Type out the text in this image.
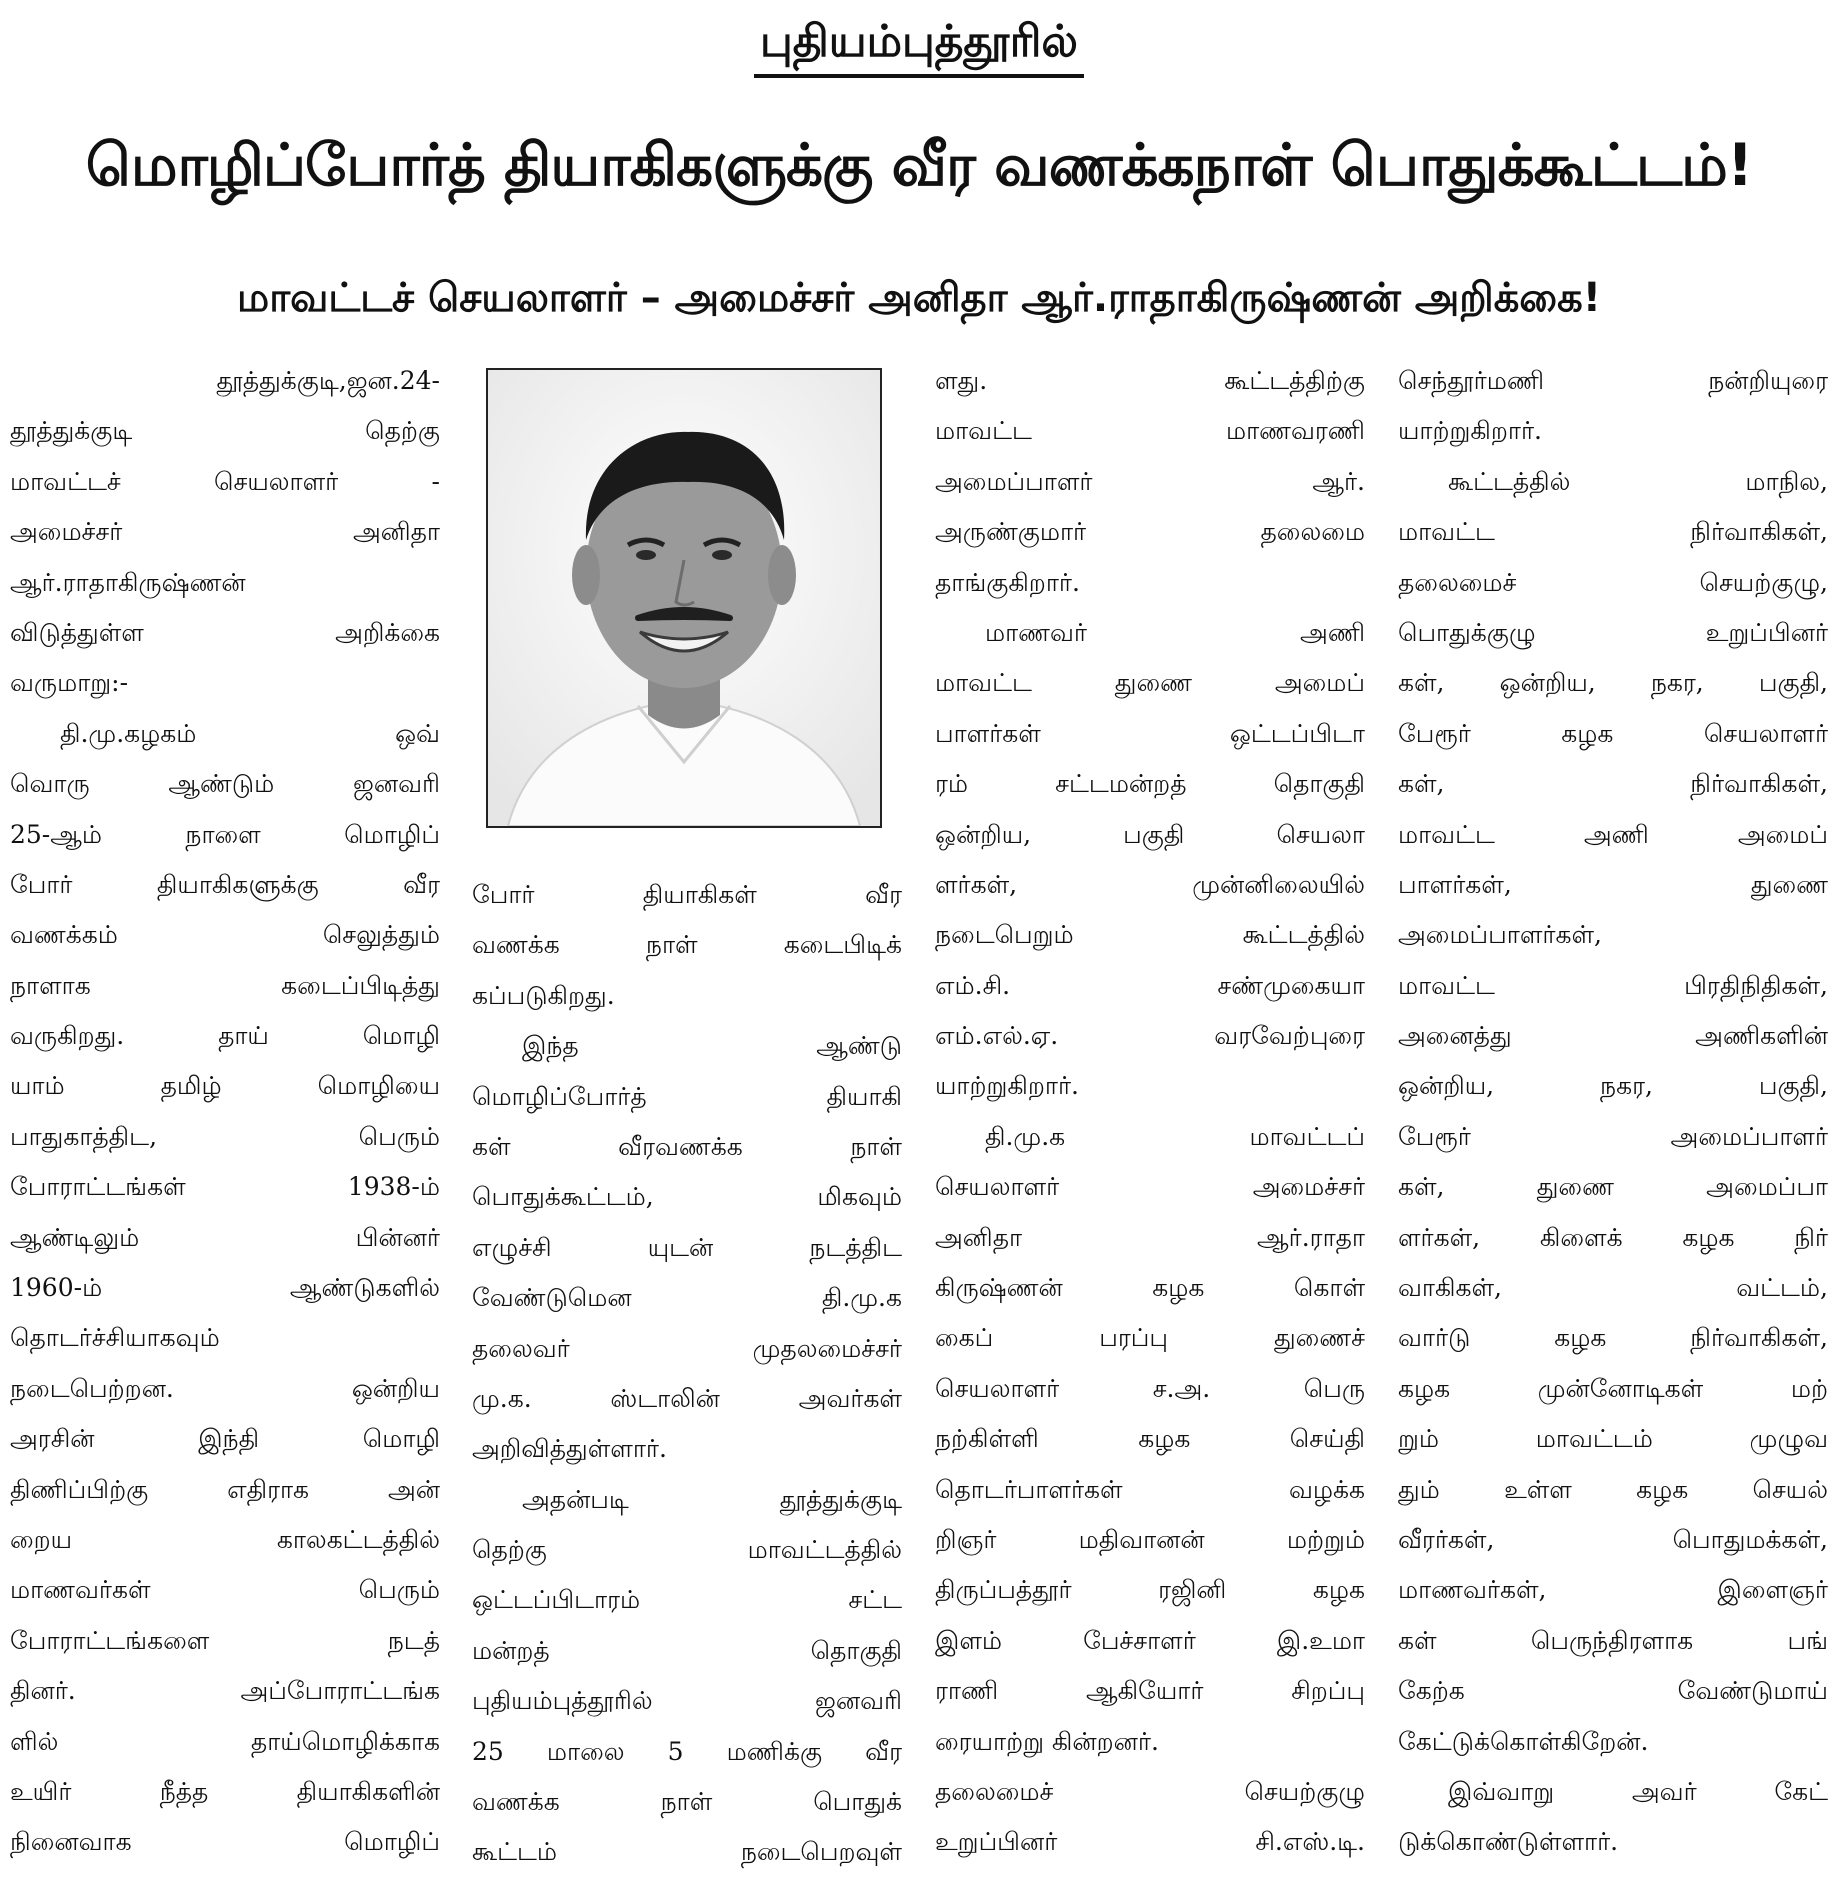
புதியம்புத்தூரில்
மொழிப்போர்த் தியாகிகளுக்கு வீர வணக்கநாள் பொதுக்கூட்டம்!
மாவட்டச் செயலாளர் – அமைச்சர் அனிதா ஆர்.ராதாகிருஷ்ணன் அறிக்கை!
தூத்துக்குடி,ஜன.24-
தூத்துக்குடி தெற்கு
மாவட்டச் செயலாளர் -
அமைச்சர் அனிதா
ஆர்.ராதாகிருஷ்ணன்
விடுத்துள்ள அறிக்கை
வருமாறு:-
தி.மு.கழகம் ஒவ்
வொரு ஆண்டும் ஜனவரி
25-ஆம் நாளை மொழிப்
போர் தியாகிகளுக்கு வீர
வணக்கம் செலுத்தும்
நாளாக கடைப்பிடித்து
வருகிறது. தாய் மொழி
யாம் தமிழ் மொழியை
பாதுகாத்திட, பெரும்
போராட்டங்கள் 1938-ம்
ஆண்டிலும் பின்னர்
1960-ம் ஆண்டுகளில்
தொடர்ச்சியாகவும்
நடைபெற்றன. ஒன்றிய
அரசின் இந்தி மொழி
திணிப்பிற்கு எதிராக அன்
றைய காலகட்டத்தில்
மாணவர்கள் பெரும்
போராட்டங்களை நடத்
தினர். அப்போராட்டங்க
ளில் தாய்மொழிக்காக
உயிர் நீத்த தியாகிகளின்
நினைவாக மொழிப்
போர் தியாகிகள் வீர
வணக்க நாள் கடைபிடிக்
கப்படுகிறது.
இந்த ஆண்டு
மொழிப்போர்த் தியாகி
கள் வீரவணக்க நாள்
பொதுக்கூட்டம், மிகவும்
எழுச்சி யுடன் நடத்திட
வேண்டுமென தி.மு.க
தலைவர் முதலமைச்சர்
மு.க. ஸ்டாலின் அவர்கள்
அறிவித்துள்ளார்.
அதன்படி தூத்துக்குடி
தெற்கு மாவட்டத்தில்
ஒட்டப்பிடாரம் சட்ட
மன்றத் தொகுதி
புதியம்புத்தூரில் ஜனவரி
25 மாலை 5 மணிக்கு வீர
வணக்க நாள் பொதுக்
கூட்டம் நடைபெறவுள்
ளது. கூட்டத்திற்கு
மாவட்ட மாணவரணி
அமைப்பாளர் ஆர்.
அருண்குமார் தலைமை
தாங்குகிறார்.
மாணவர் அணி
மாவட்ட துணை அமைப்
பாளர்கள் ஒட்டப்பிடா
ரம் சட்டமன்றத் தொகுதி
ஒன்றிய, பகுதி செயலா
ளர்கள், முன்னிலையில்
நடைபெறும் கூட்டத்தில்
எம்.சி. சண்முகையா
எம்.எல்.ஏ. வரவேற்புரை
யாற்றுகிறார்.
தி.மு.க மாவட்டப்
செயலாளர் அமைச்சர்
அனிதா ஆர்.ராதா
கிருஷ்ணன் கழக கொள்
கைப் பரப்பு துணைச்
செயலாளர் ச.அ. பெரு
நற்கிள்ளி கழக செய்தி
தொடர்பாளர்கள் வழக்க
றிஞர் மதிவானன் மற்றும்
திருப்பத்தூர் ரஜினி கழக
இளம் பேச்சாளர் இ.உமா
ராணி ஆகியோர் சிறப்பு
ரையாற்று கின்றனர்.
தலைமைச் செயற்குழு
உறுப்பினர் சி.எஸ்.டி.
செந்தூர்மணி நன்றியுரை
யாற்றுகிறார்.
கூட்டத்தில் மாநில,
மாவட்ட நிர்வாகிகள்,
தலைமைச் செயற்குழு,
பொதுக்குழு உறுப்பினர்
கள், ஒன்றிய, நகர, பகுதி,
பேரூர் கழக செயலாளர்
கள், நிர்வாகிகள்,
மாவட்ட அணி அமைப்
பாளர்கள், துணை
அமைப்பாளர்கள்,
மாவட்ட பிரதிநிதிகள்,
அனைத்து அணிகளின்
ஒன்றிய, நகர, பகுதி,
பேரூர் அமைப்பாளர்
கள், துணை அமைப்பா
ளர்கள், கிளைக் கழக நிர்
வாகிகள், வட்டம்,
வார்டு கழக நிர்வாகிகள்,
கழக முன்னோடிகள் மற்
றும் மாவட்டம் முழுவ
தும் உள்ள கழக செயல்
வீரர்கள், பொதுமக்கள்,
மாணவர்கள், இளைஞர்
கள் பெருந்திரளாக பங்
கேற்க வேண்டுமாய்
கேட்டுக்கொள்கிறேன்.
இவ்வாறு அவர் கேட்
டுக்கொண்டுள்ளார்.
